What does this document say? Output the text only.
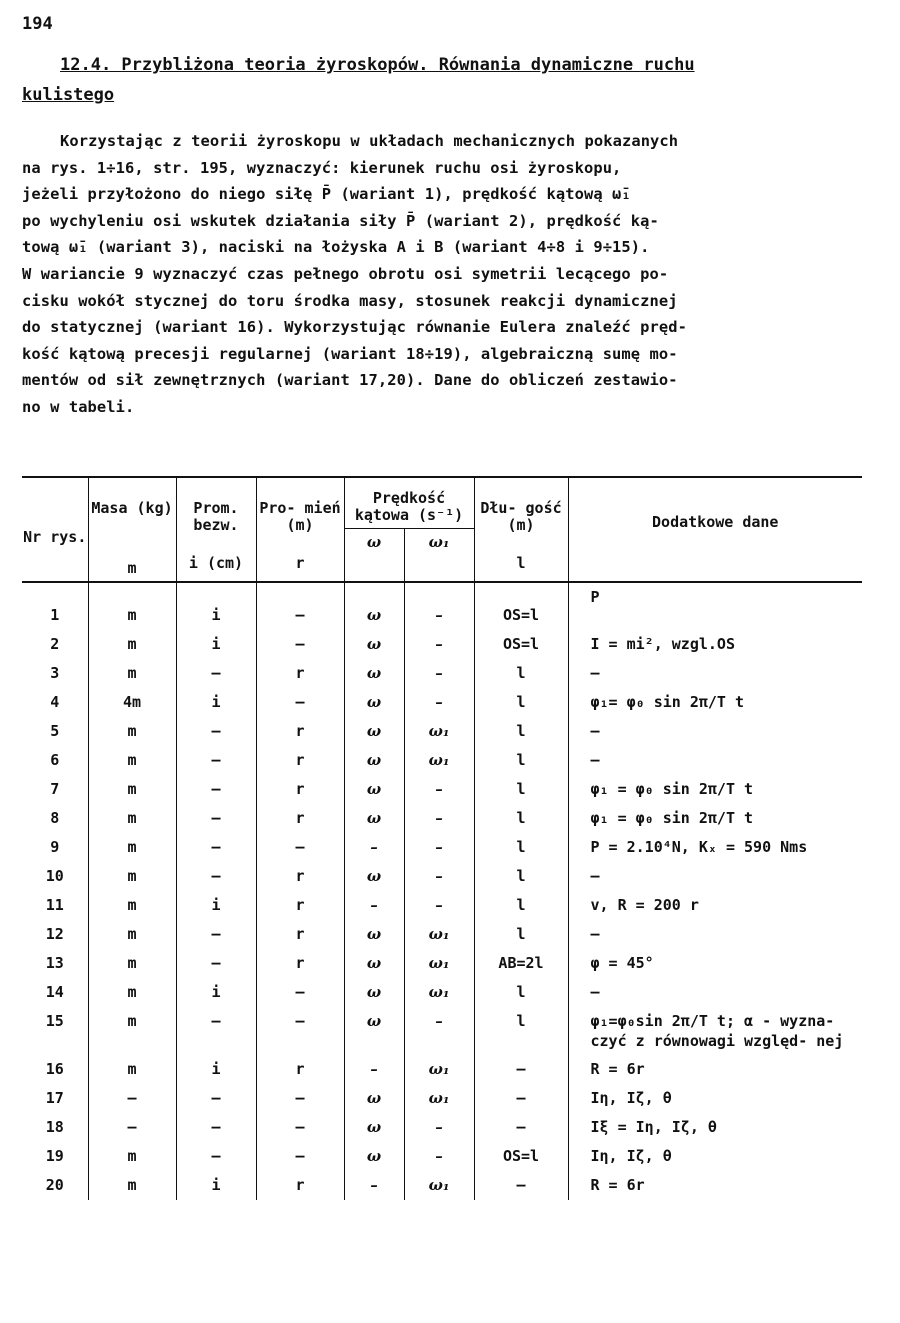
194
12.4. Przybliżona teoria żyroskopów. Równania dynamiczne ruchu
kulistego
Korzystając z teorii żyroskopu w układach mechanicznych pokazanych

na rys. 1÷16, str. 195, wyznaczyć: kierunek ruchu osi żyroskopu,
jeżeli przyłożono do niego siłę P̄ (wariant 1), prędkość kątową ω̄₁
po wychyleniu osi wskutek działania siły P̄ (wariant 2), prędkość ką-
tową ω̄₁ (wariant 3), naciski na łożyska A i B (wariant 4÷8 i 9÷15).
W wariancie 9 wyznaczyć czas pełnego obrotu osi symetrii lecącego po-
cisku wokół stycznej do toru środka masy, stosunek reakcji dynamicznej
do statycznej (wariant 16). Wykorzystując równanie Eulera znaleźć pręd-
kość kątową precesji regularnej (wariant 18÷19), algebraiczną sumę mo-
mentów od sił zewnętrznych (wariant 17,20). Dane do obliczeń zestawio-
no w tabeli.
Nr rys.	Masa (kg)	Prom. bezw.	Pro- mień (m)	Prędkość kątowa (s⁻¹)		Dłu- gość (m)	Dodatkowe dane
				ω	ω₁		
	m	i (cm)	r			l	
1	m	i	–	ω	–	OS=l	P
2	m	i	–	ω	–	OS=l	I = mi², wzgl.OS
3	m	–	r	ω	–	l	–
4	4m	i	–	ω	–	l	φ₁= φ₀ sin 2π/T t
5	m	–	r	ω	ω₁	l	–
6	m	–	r	ω	ω₁	l	–
7	m	–	r	ω	–	l	φ₁ = φ₀ sin 2π/T t
8	m	–	r	ω	–	l	φ₁ = φ₀ sin 2π/T t
9	m	–	–	–	–	l	P = 2.10⁴N, Kₓ = 590 Nms
10	m	–	r	ω	–	l	–
11	m	i	r	–	–	l	v, R = 200 r
12	m	–	r	ω	ω₁	l	–
13	m	–	r	ω	ω₁	AB=2l	φ = 45°
14	m	i	–	ω	ω₁	l	–
15	m	–	–	ω	–	l	φ₁=φ₀sin 2π/T t; α - wyzna- czyć z równowagi względ- nej
16	m	i	r	–	ω₁	–	R = 6r
17	–	–	–	ω	ω₁	–	Iη, Iζ, θ
18	–	–	–	ω	–	–	Iξ = Iη, Iζ, θ
19	m	–	–	ω	–	OS=l	Iη, Iζ, θ
20	m	i	r	–	ω₁	–	R = 6r
